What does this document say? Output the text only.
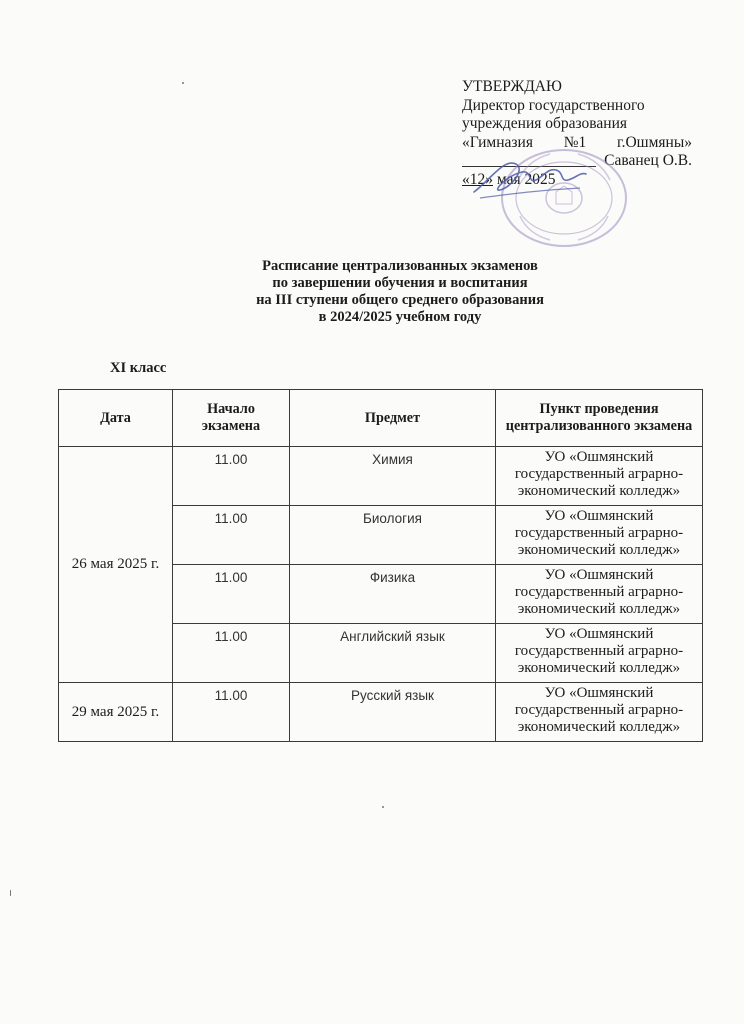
УТВЕРЖДАЮ
Директор государственного
учреждения образования
«Гимназия №1 г.Ошмяны»
Саванец О.В.
«12» мая 2025
Расписание централизованных экзаменов
по завершении обучения и воспитания
на III ступени общего среднего образования
в 2024/2025 учебном году
XI класс
Дата	Начало экзамена	Предмет	Пункт проведения централизованного экзамена
26 мая 2025 г.	11.00	Химия	УО «Ошмянский государственный аграрно-экономический колледж»
	11.00	Биология	УО «Ошмянский государственный аграрно-экономический колледж»
	11.00	Физика	УО «Ошмянский государственный аграрно-экономический колледж»
	11.00	Английский язык	УО «Ошмянский государственный аграрно-экономический колледж»
29 мая 2025 г.	11.00	Русский язык	УО «Ошмянский государственный аграрно-экономический колледж»
